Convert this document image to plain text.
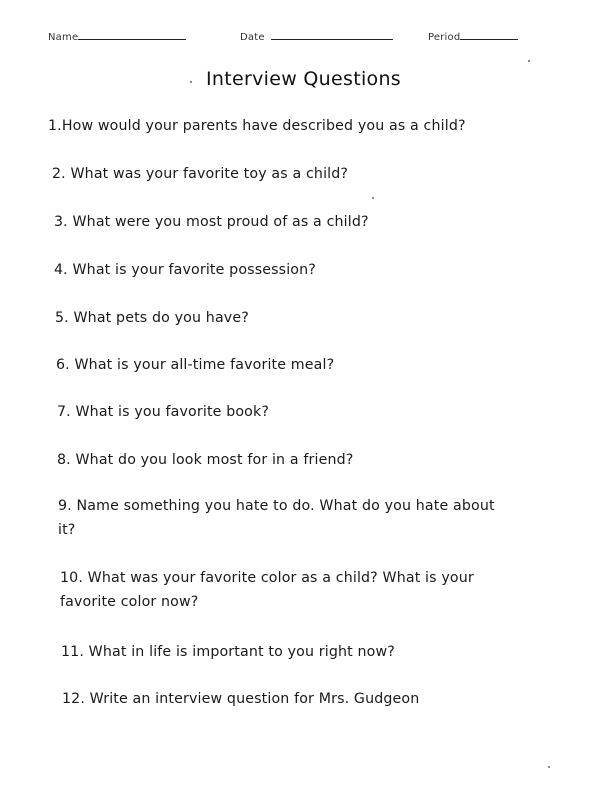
Name	Date	Period
Interview Questions
1.How would your parents have described you as a child?
2. What was your favorite toy as a child?
3. What were you most proud of as a child?
4. What is your favorite possession?
5. What pets do you have?
6. What is your all-time favorite meal?
7. What is you favorite book?
8. What do you look most for in a friend?
9. Name something you hate to do. What do you hate about
it?
10. What was your favorite color as a child? What is your
favorite color now?
11. What in life is important to you right now?
12. Write an interview question for Mrs. Gudgeon
